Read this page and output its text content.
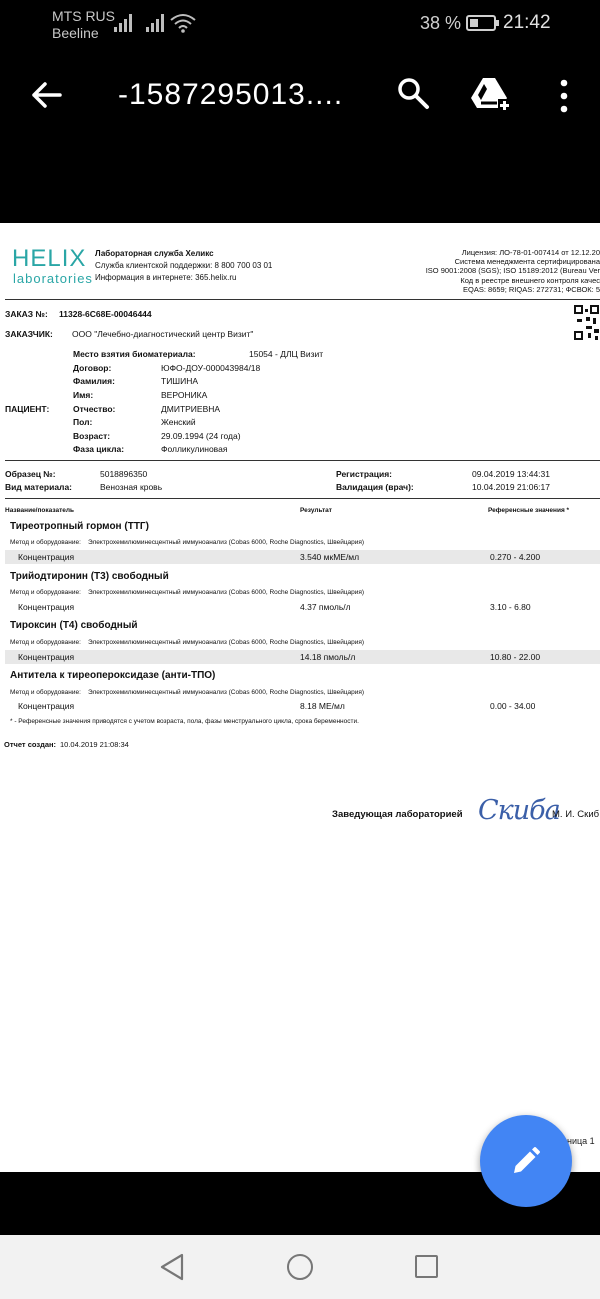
MTS RUS
Beeline	38 % 21:42
-1587295013....
HELIX
laboratories
Лабораторная служба Хеликс
Служба клиентской поддержки: 8 800 700 03 01
Информация в интернете: 365.helix.ru
Лицензия: ЛО-78-01-007414 от 12.12.20
Система менеджмента сертифицирована
ISO 9001:2008 (SGS); ISO 15189:2012 (Bureau Ver
Код в реестре внешнего контроля качес
EQAS: 8659; RIQAS: 272731; ФСВОК: 5
ЗАКАЗ №: 11328-6С68Е-00046444
ЗАКАЗЧИК: ООО "Лечебно-диагностический центр Визит"
ПАЦИЕНТ:
Место взятия биоматериала:	15054 - ДЛЦ Визит
Договор:	ЮФО-ДОУ-000043984/18
Фамилия:	ТИШИНА
Имя:	ВЕРОНИКА
Отчество:	ДМИТРИЕВНА
Пол:	Женский
Возраст:	29.09.1994 (24 года)
Фаза цикла:	Фолликулиновая
Образец №:	5018896350
Вид материала:	Венозная кровь
Регистрация:	09.04.2019 13:44:31
Валидация (врач):	10.04.2019 21:06:17
Название/показатель	Результат	Референсные значения *
Тиреотропный гормон (ТТГ)
Метод и оборудование: Электрохемилюминесцентный иммуноанализ (Cobas 6000, Roche Diagnostics, Швейцария)
Концентрация	3.540 мкМЕ/мл	0.270 - 4.200
Трийодтиронин (Т3) свободный
Метод и оборудование: Электрохемилюминесцентный иммуноанализ (Cobas 6000, Roche Diagnostics, Швейцария)
Концентрация	4.37 пмоль/л	3.10 - 6.80
Тироксин (Т4) свободный
Метод и оборудование: Электрохемилюминесцентный иммуноанализ (Cobas 6000, Roche Diagnostics, Швейцария)
Концентрация	14.18 пмоль/л	10.80 - 22.00
Антитела к тиреопероксидазе (анти-ТПО)
Метод и оборудование: Электрохемилюминесцентный иммуноанализ (Cobas 6000, Roche Diagnostics, Швейцария)
Концентрация	8.18 МЕ/мл	0.00 - 34.00
* - Референсные значения приводятся с учетом возраста, пола, фазы менструального цикла, срока беременности.
Отчет создан: 10.04.2019 21:08:34
Заведующая лабораторией Скиба
М. И. Скиб
ница 1
